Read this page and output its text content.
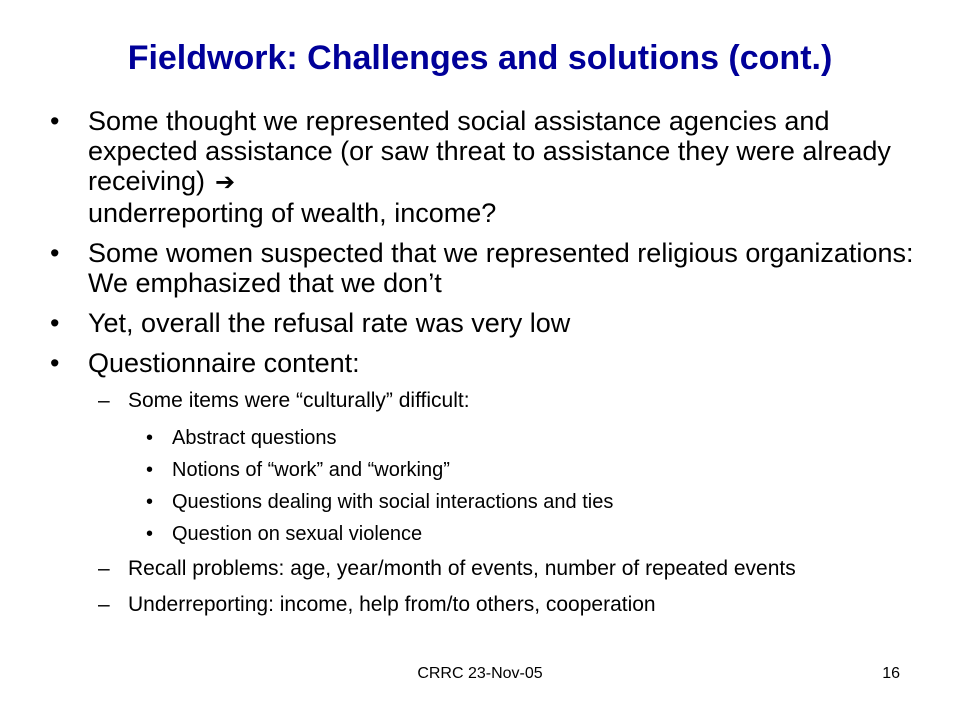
Fieldwork: Challenges and solutions (cont.)
• Some thought we represented social assistance agencies and expected assistance (or saw threat to assistance they were already receiving) ➔
underreporting of wealth, income?
• Some women suspected that we represented religious organizations: We emphasized that we don’t
• Yet, overall the refusal rate was very low
• Questionnaire content:
– Some items were “culturally” difficult:
• Abstract questions
• Notions of “work” and “working”
• Questions dealing with social interactions and ties
• Question on sexual violence
– Recall problems: age, year/month of events, number of repeated events
– Underreporting: income, help from/to others, cooperation
CRRC 23-Nov-05	16
